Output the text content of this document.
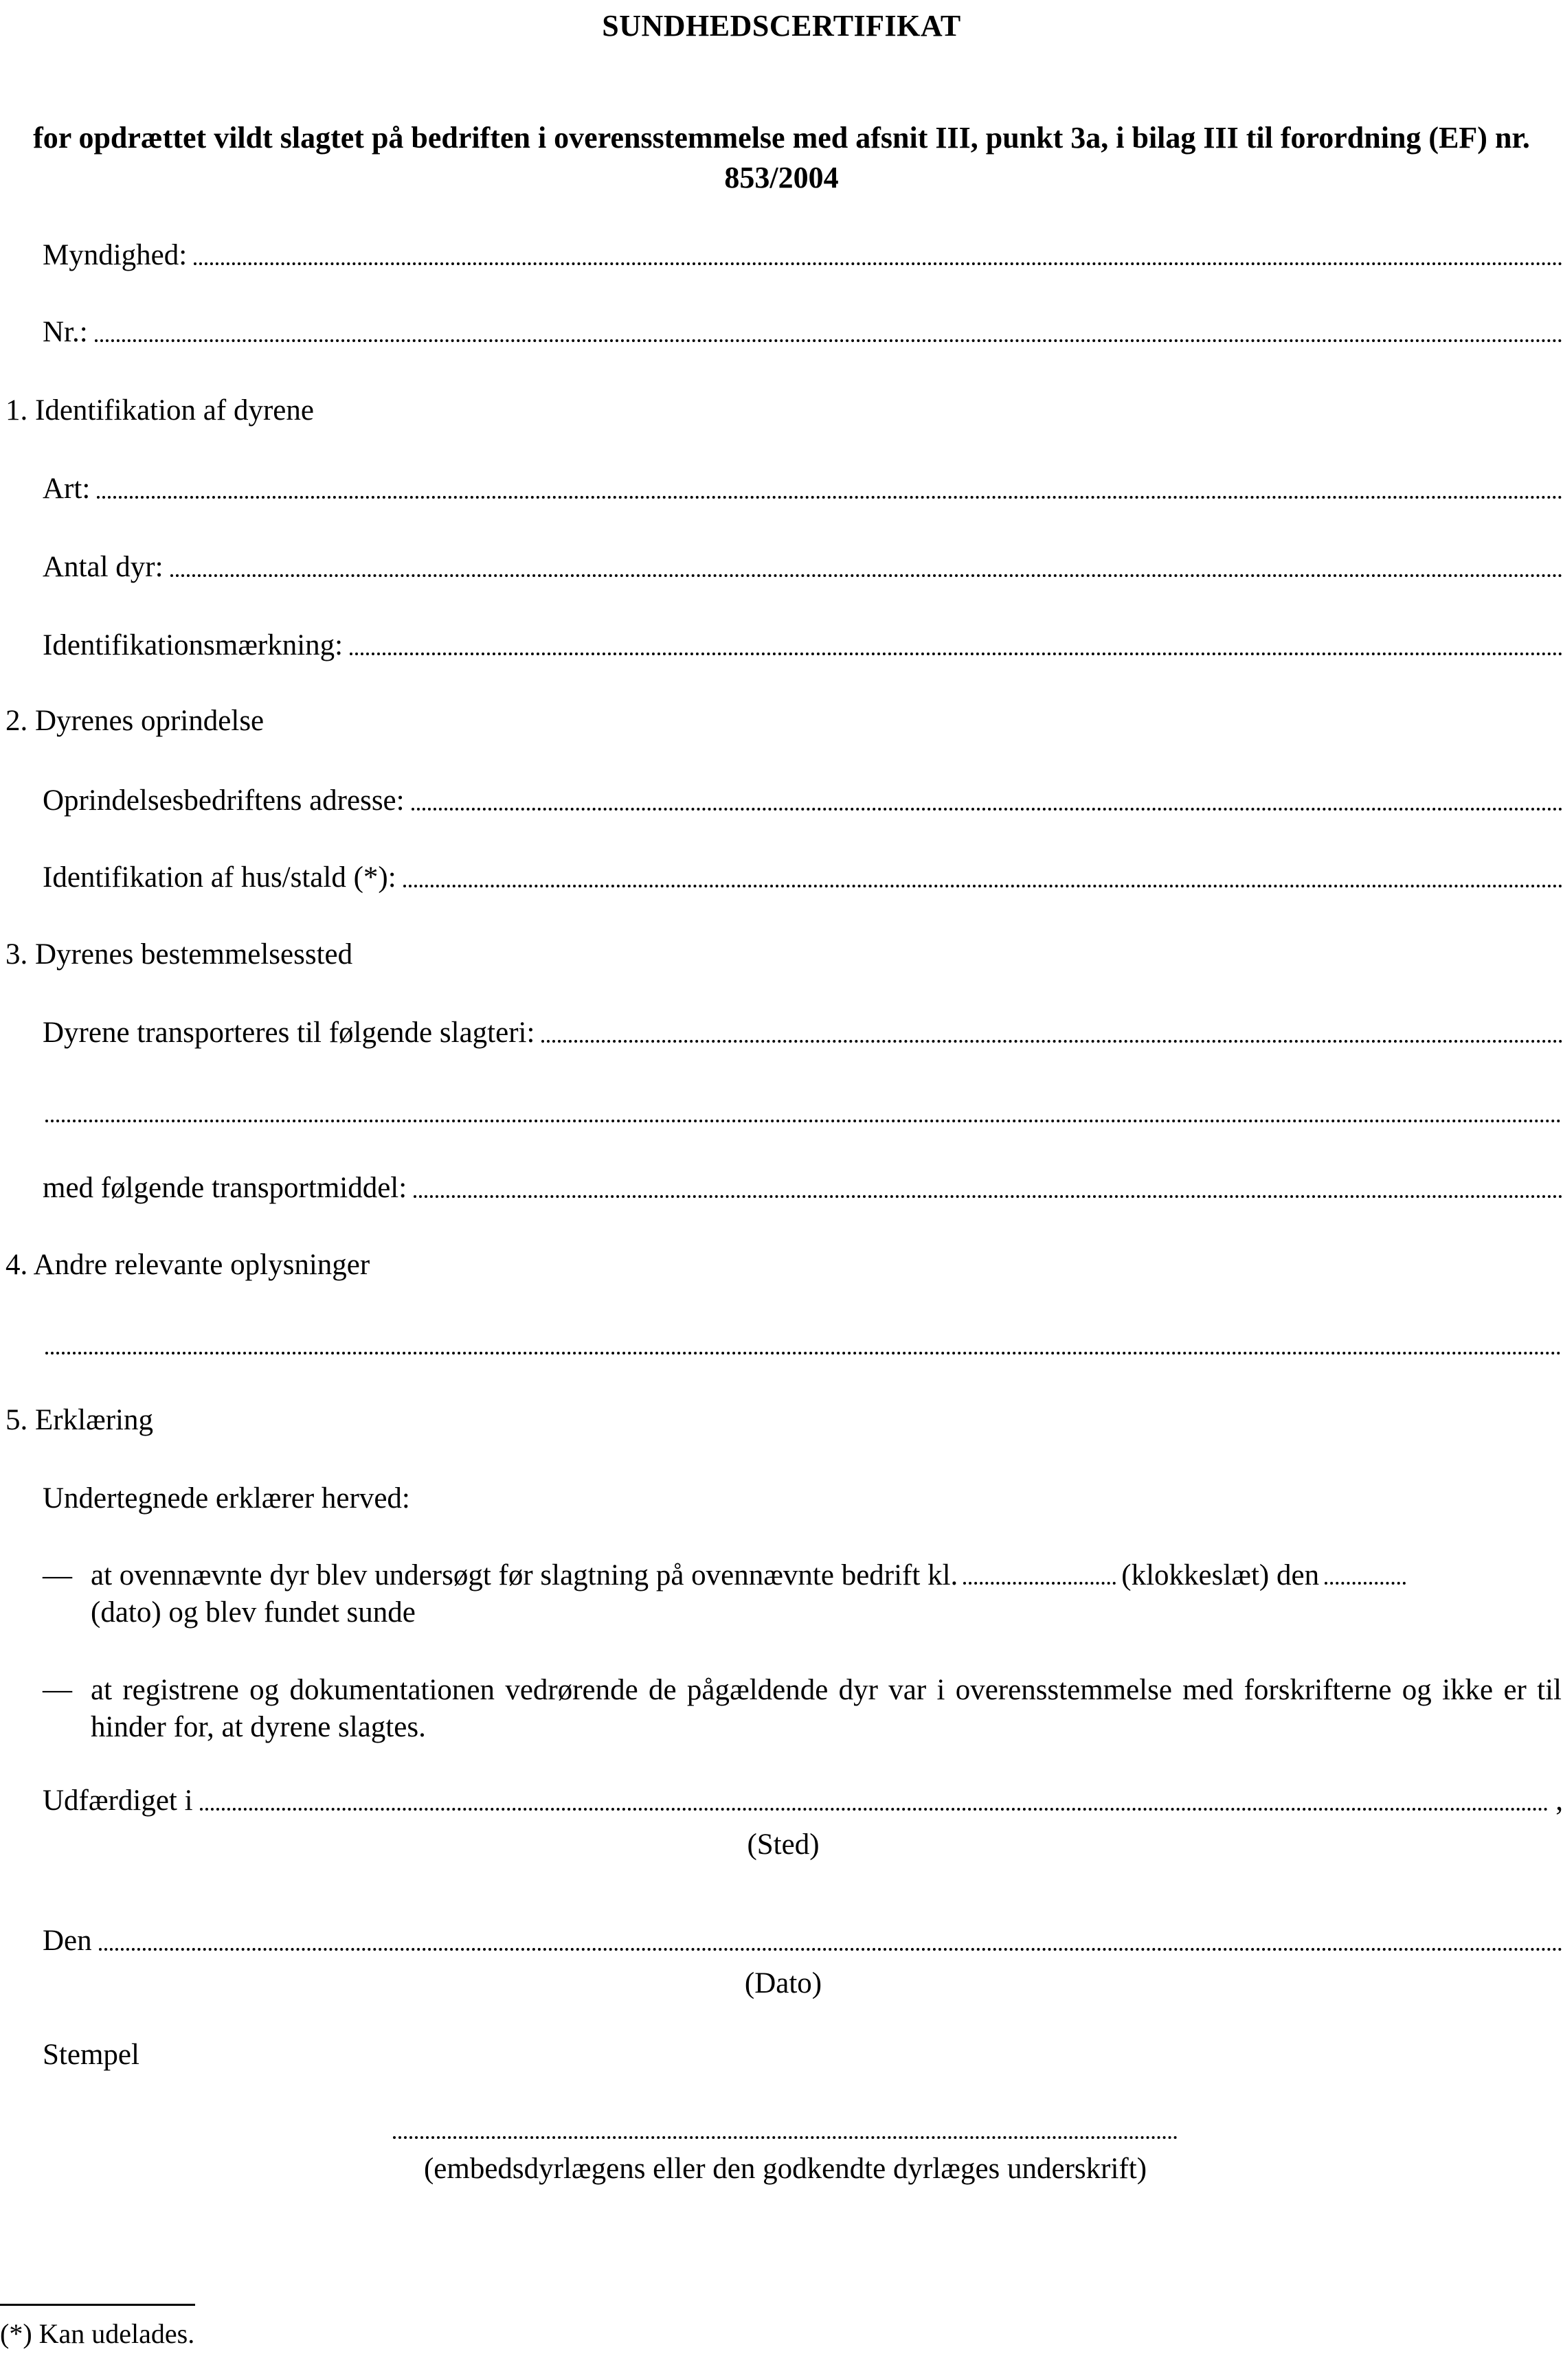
SUNDHEDSCERTIFIKAT
for opdrættet vildt slagtet på bedriften i overensstemmelse med afsnit III, punkt 3a, i bilag III til forordning (EF) nr. 853/2004
Myndighed:
Nr.:
1. Identifikation af dyrene
Art:
Antal dyr:
Identifikationsmærkning:
2. Dyrenes oprindelse
Oprindelsesbedriftens adresse:
Identifikation af hus/stald (*):
3. Dyrenes bestemmelsessted
Dyrene transporteres til følgende slagteri:
med følgende transportmiddel:
4. Andre relevante oplysninger
5. Erklæring
Undertegnede erklærer herved:
— at ovennævnte dyr blev undersøgt før slagtning på ovennævnte bedrift kl.	(klokkeslæt) den
(dato) og blev fundet sunde
— at registrene og dokumentationen vedrørende de pågældende dyr var i overensstemmelse med forskrifterne og ikke er til hinder for, at dyrene slagtes.
Udfærdiget i	,
(Sted)
Den
(Dato)
Stempel
(embedsdyrlægens eller den godkendte dyrlæges underskrift)
(*) Kan udelades.
